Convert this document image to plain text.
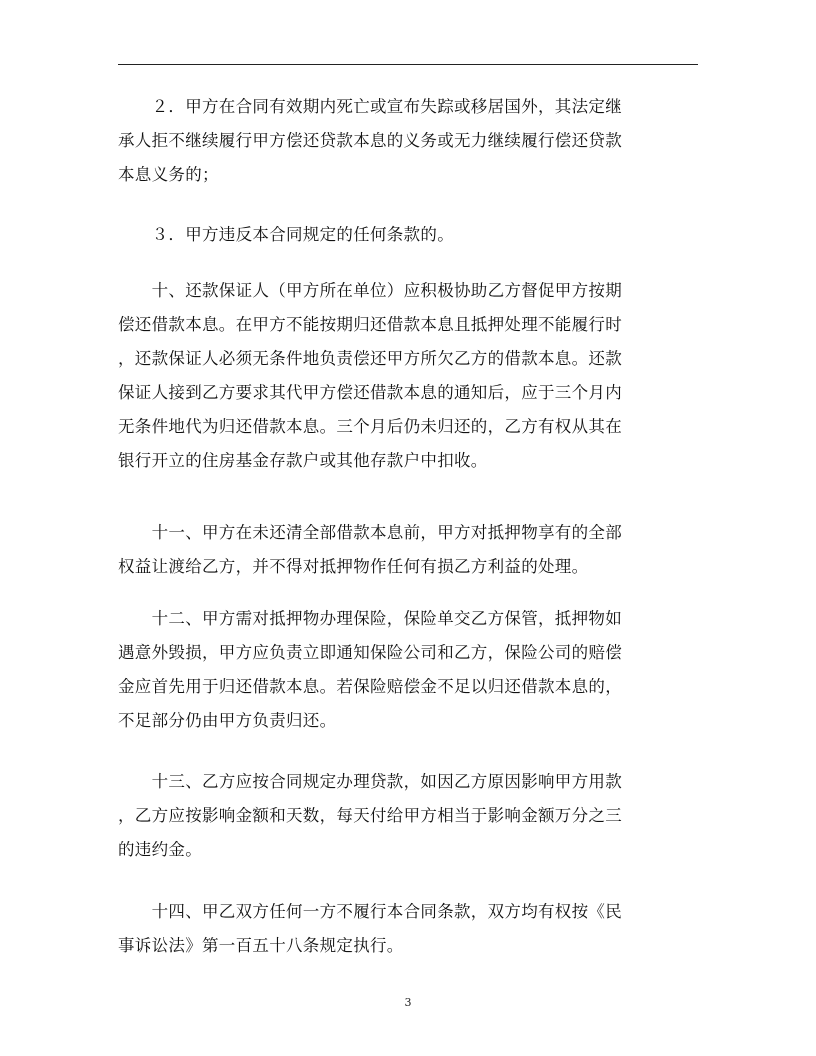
　　２．甲方在合同有效期内死亡或宣布失踪或移居国外，其法定继
承人拒不继续履行甲方偿还贷款本息的义务或无力继续履行偿还贷款
本息义务的；
　　３．甲方违反本合同规定的任何条款的。
　　十、还款保证人（甲方所在单位）应积极协助乙方督促甲方按期
偿还借款本息。在甲方不能按期归还借款本息且抵押处理不能履行时
，还款保证人必须无条件地负责偿还甲方所欠乙方的借款本息。还款
保证人接到乙方要求其代甲方偿还借款本息的通知后，应于三个月内
无条件地代为归还借款本息。三个月后仍未归还的，乙方有权从其在
银行开立的住房基金存款户或其他存款户中扣收。
　　十一、甲方在未还清全部借款本息前，甲方对抵押物享有的全部
权益让渡给乙方，并不得对抵押物作任何有损乙方利益的处理。
　　十二、甲方需对抵押物办理保险，保险单交乙方保管，抵押物如
遇意外毁损，甲方应负责立即通知保险公司和乙方，保险公司的赔偿
金应首先用于归还借款本息。若保险赔偿金不足以归还借款本息的，
不足部分仍由甲方负责归还。
　　十三、乙方应按合同规定办理贷款，如因乙方原因影响甲方用款
，乙方应按影响金额和天数，每天付给甲方相当于影响金额万分之三
的违约金。
　　十四、甲乙双方任何一方不履行本合同条款，双方均有权按《民
事诉讼法》第一百五十八条规定执行。
3
